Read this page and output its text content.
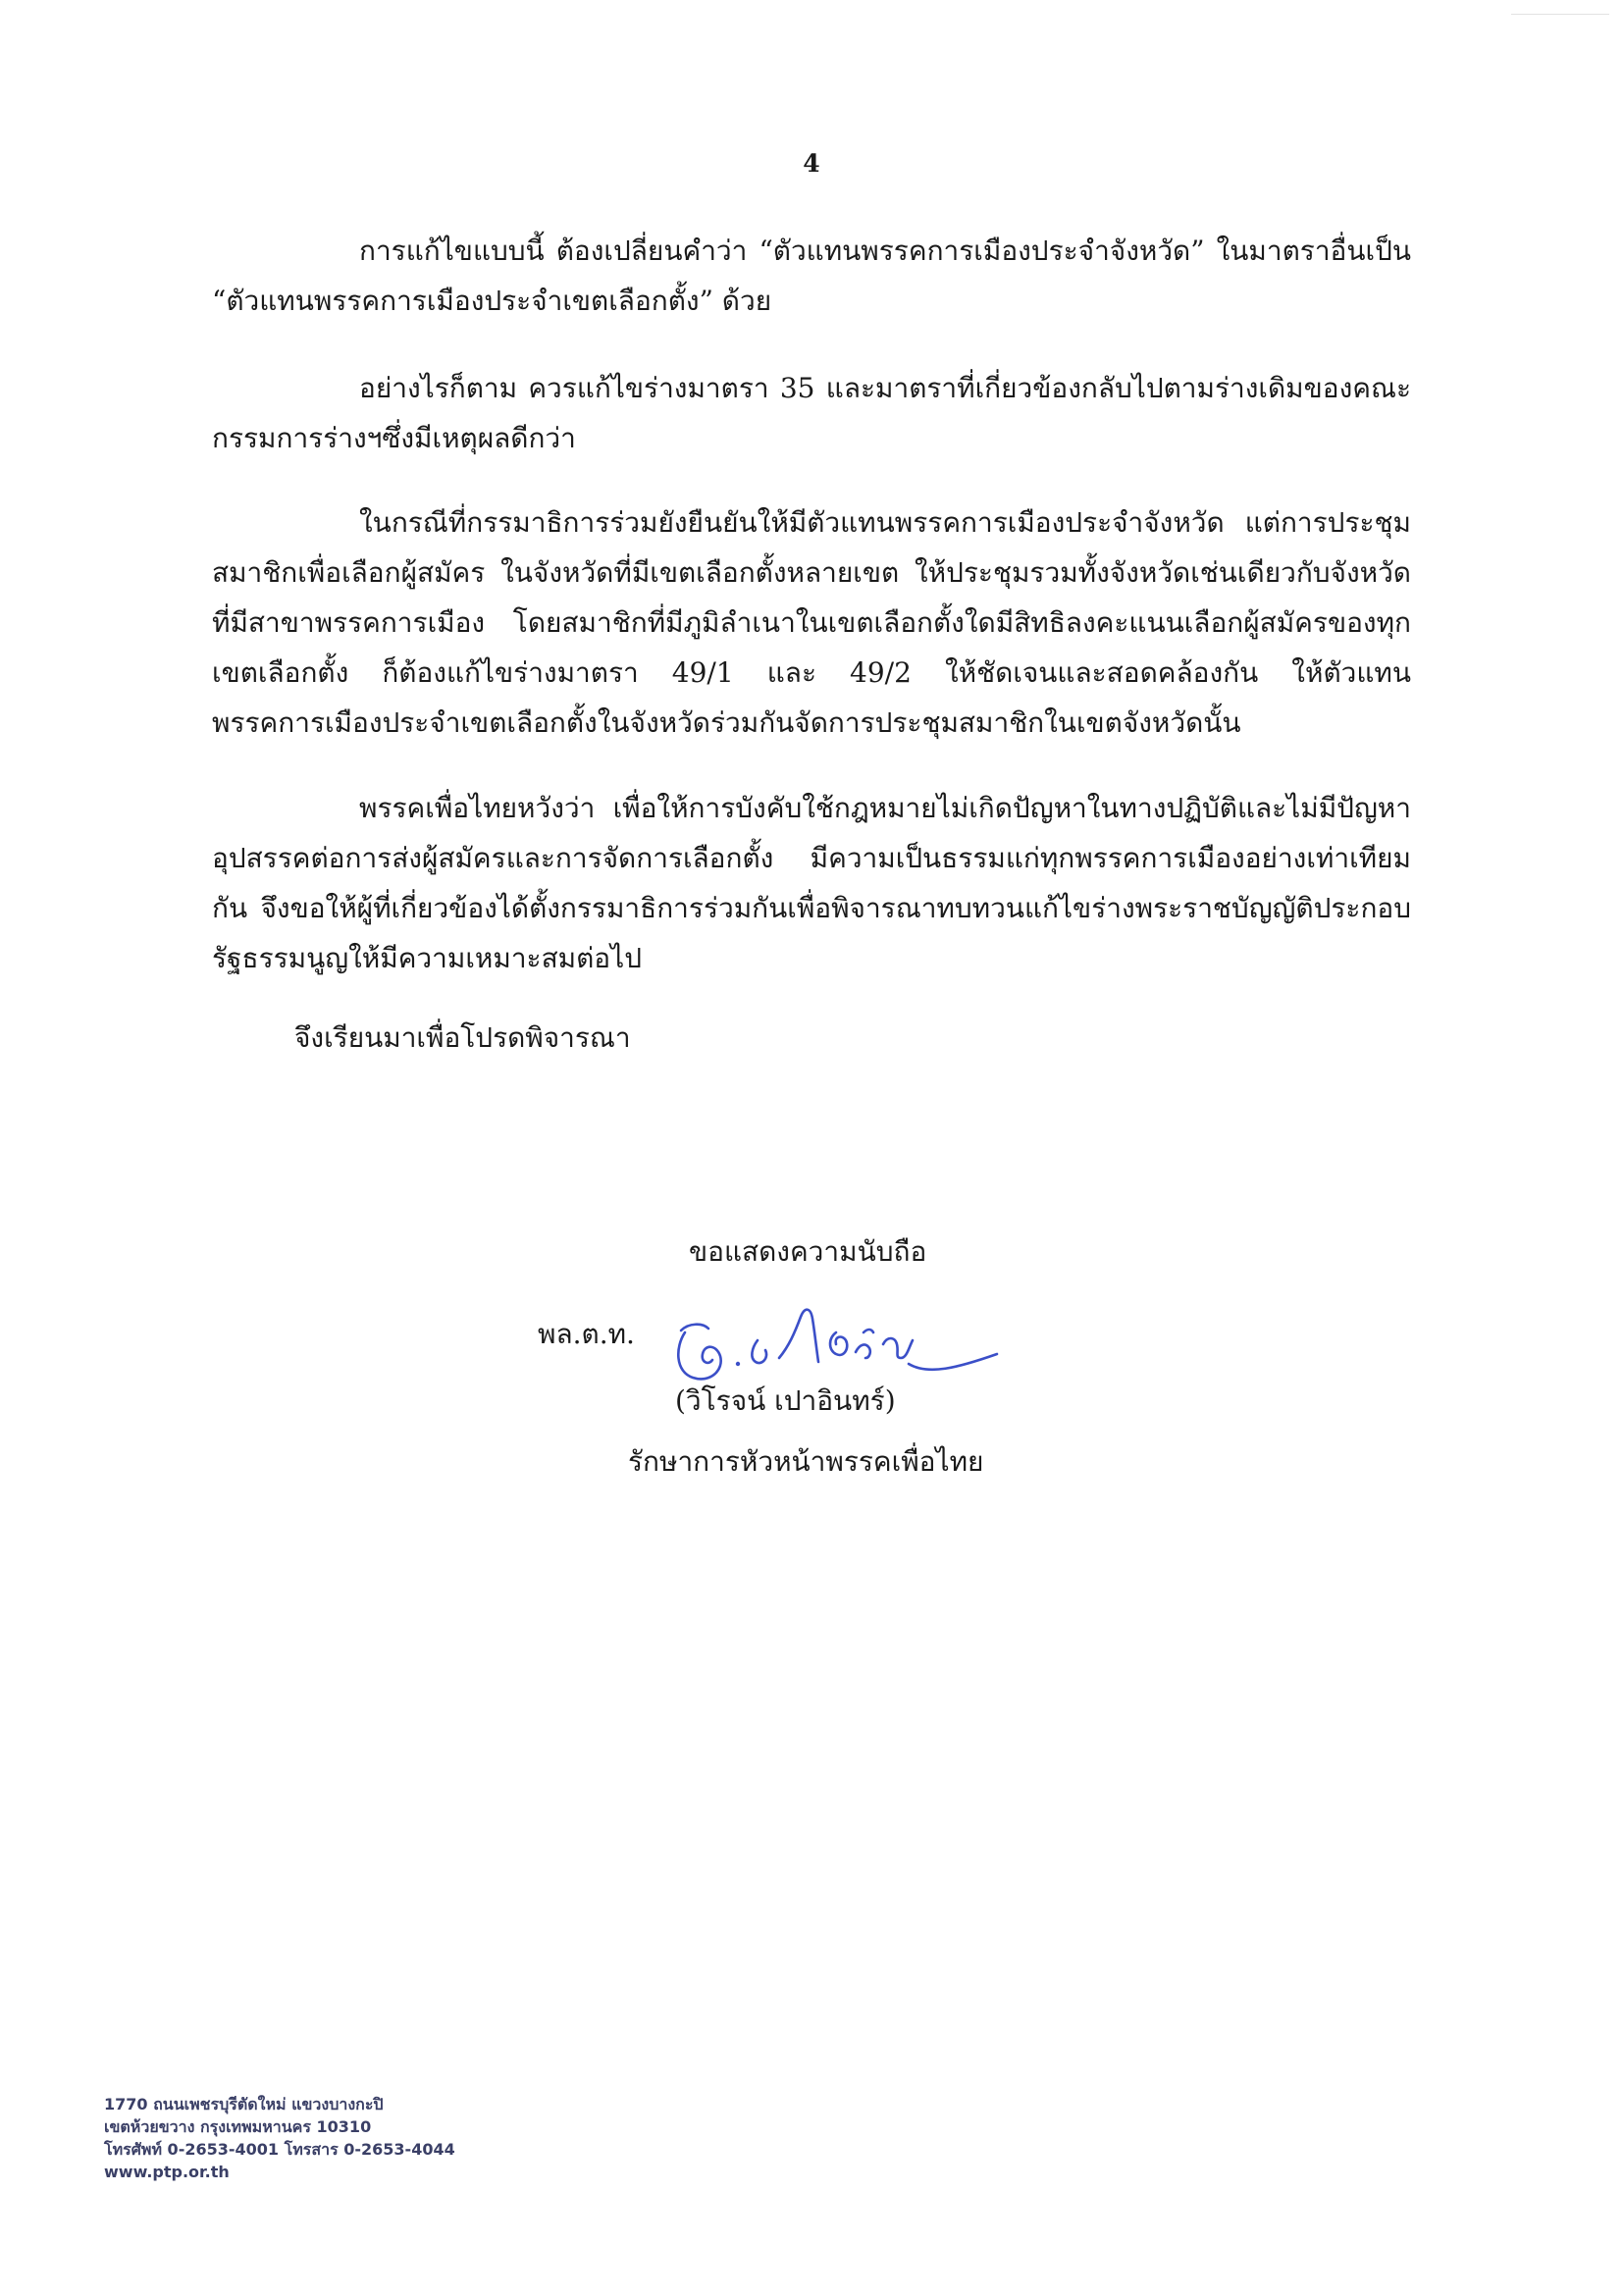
4
การแก้ไขแบบนี้ ต้องเปลี่ยนคำว่า “ตัวแทนพรรคการเมืองประจำจังหวัด” ในมาตราอื่นเป็น “ตัวแทนพรรคการเมืองประจำเขตเลือกตั้ง” ด้วย
อย่างไรก็ตาม ควรแก้ไขร่างมาตรา 35 และมาตราที่เกี่ยวข้องกลับไปตามร่างเดิมของคณะกรรมการร่างฯซึ่งมีเหตุผลดีกว่า
ในกรณีที่กรรมาธิการร่วมยังยืนยันให้มีตัวแทนพรรคการเมืองประจำจังหวัด แต่การประชุมสมาชิกเพื่อเลือกผู้สมัคร ในจังหวัดที่มีเขตเลือกตั้งหลายเขต ให้ประชุมรวมทั้งจังหวัดเช่นเดียวกับจังหวัดที่มีสาขาพรรคการเมือง โดยสมาชิกที่มีภูมิลำเนาในเขตเลือกตั้งใดมีสิทธิลงคะแนนเลือกผู้สมัครของทุกเขตเลือกตั้ง ก็ต้องแก้ไขร่างมาตรา 49/1 และ 49/2 ให้ชัดเจนและสอดคล้องกัน ให้ตัวแทนพรรคการเมืองประจำเขตเลือกตั้งในจังหวัดร่วมกันจัดการประชุมสมาชิกในเขตจังหวัดนั้น
พรรคเพื่อไทยหวังว่า เพื่อให้การบังคับใช้กฎหมายไม่เกิดปัญหาในทางปฏิบัติและไม่มีปัญหาอุปสรรคต่อการส่งผู้สมัครและการจัดการเลือกตั้ง มีความเป็นธรรมแก่ทุกพรรคการเมืองอย่างเท่าเทียมกัน จึงขอให้ผู้ที่เกี่ยวข้องได้ตั้งกรรมาธิการร่วมกันเพื่อพิจารณาทบทวนแก้ไขร่างพระราชบัญญัติประกอบรัฐธรรมนูญให้มีความเหมาะสมต่อไป
จึงเรียนมาเพื่อโปรดพิจารณา
ขอแสดงความนับถือ
พล.ต.ท.
(วิโรจน์ เปาอินทร์)
รักษาการหัวหน้าพรรคเพื่อไทย
1770 ถนนเพชรบุรีตัดใหม่ แขวงบางกะปิ
เขตห้วยขวาง กรุงเทพมหานคร 10310
โทรศัพท์ 0-2653-4001 โทรสาร 0-2653-4044
www.ptp.or.th
